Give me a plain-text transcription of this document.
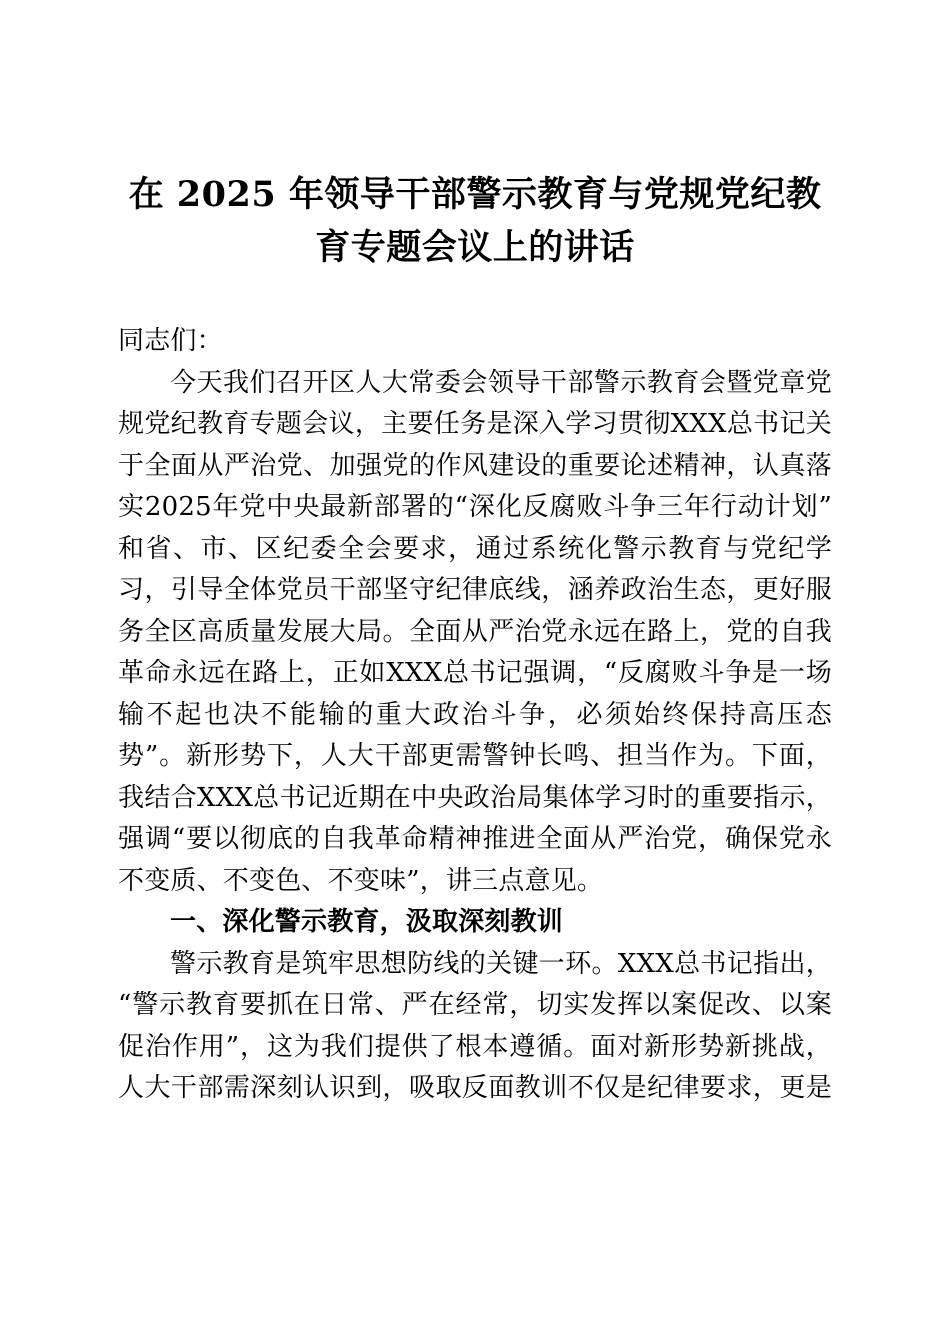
在 2025 年领导干部警示教育与党规党纪教
育专题会议上的讲话

同志们：

今天我们召开区人大常委会领导干部警示教育会暨党章党规党纪教育专题会议，主要任务是深入学习贯彻XXX总书记关于全面从严治党、加强党的作风建设的重要论述精神，认真落实2025年党中央最新部署的“深化反腐败斗争三年行动计划”和省、市、区纪委全会要求，通过系统化警示教育与党纪学习，引导全体党员干部坚守纪律底线，涵养政治生态，更好服务全区高质量发展大局。全面从严治党永远在路上，党的自我革命永远在路上，正如XXX总书记强调，“反腐败斗争是一场输不起也决不能输的重大政治斗争，必须始终保持高压态势”。新形势下，人大干部更需警钟长鸣、担当作为。下面，我结合XXX总书记近期在中央政治局集体学习时的重要指示，强调“要以彻底的自我革命精神推进全面从严治党，确保党永不变质、不变色、不变味”，讲三点意见。

一、深化警示教育，汲取深刻教训

警示教育是筑牢思想防线的关键一环。XXX总书记指出，“警示教育要抓在日常、严在经常，切实发挥以案促改、以案促治作用”，这为我们提供了根本遵循。面对新形势新挑战，人大干部需深刻认识到，吸取反面教训不仅是纪律要求，更是
